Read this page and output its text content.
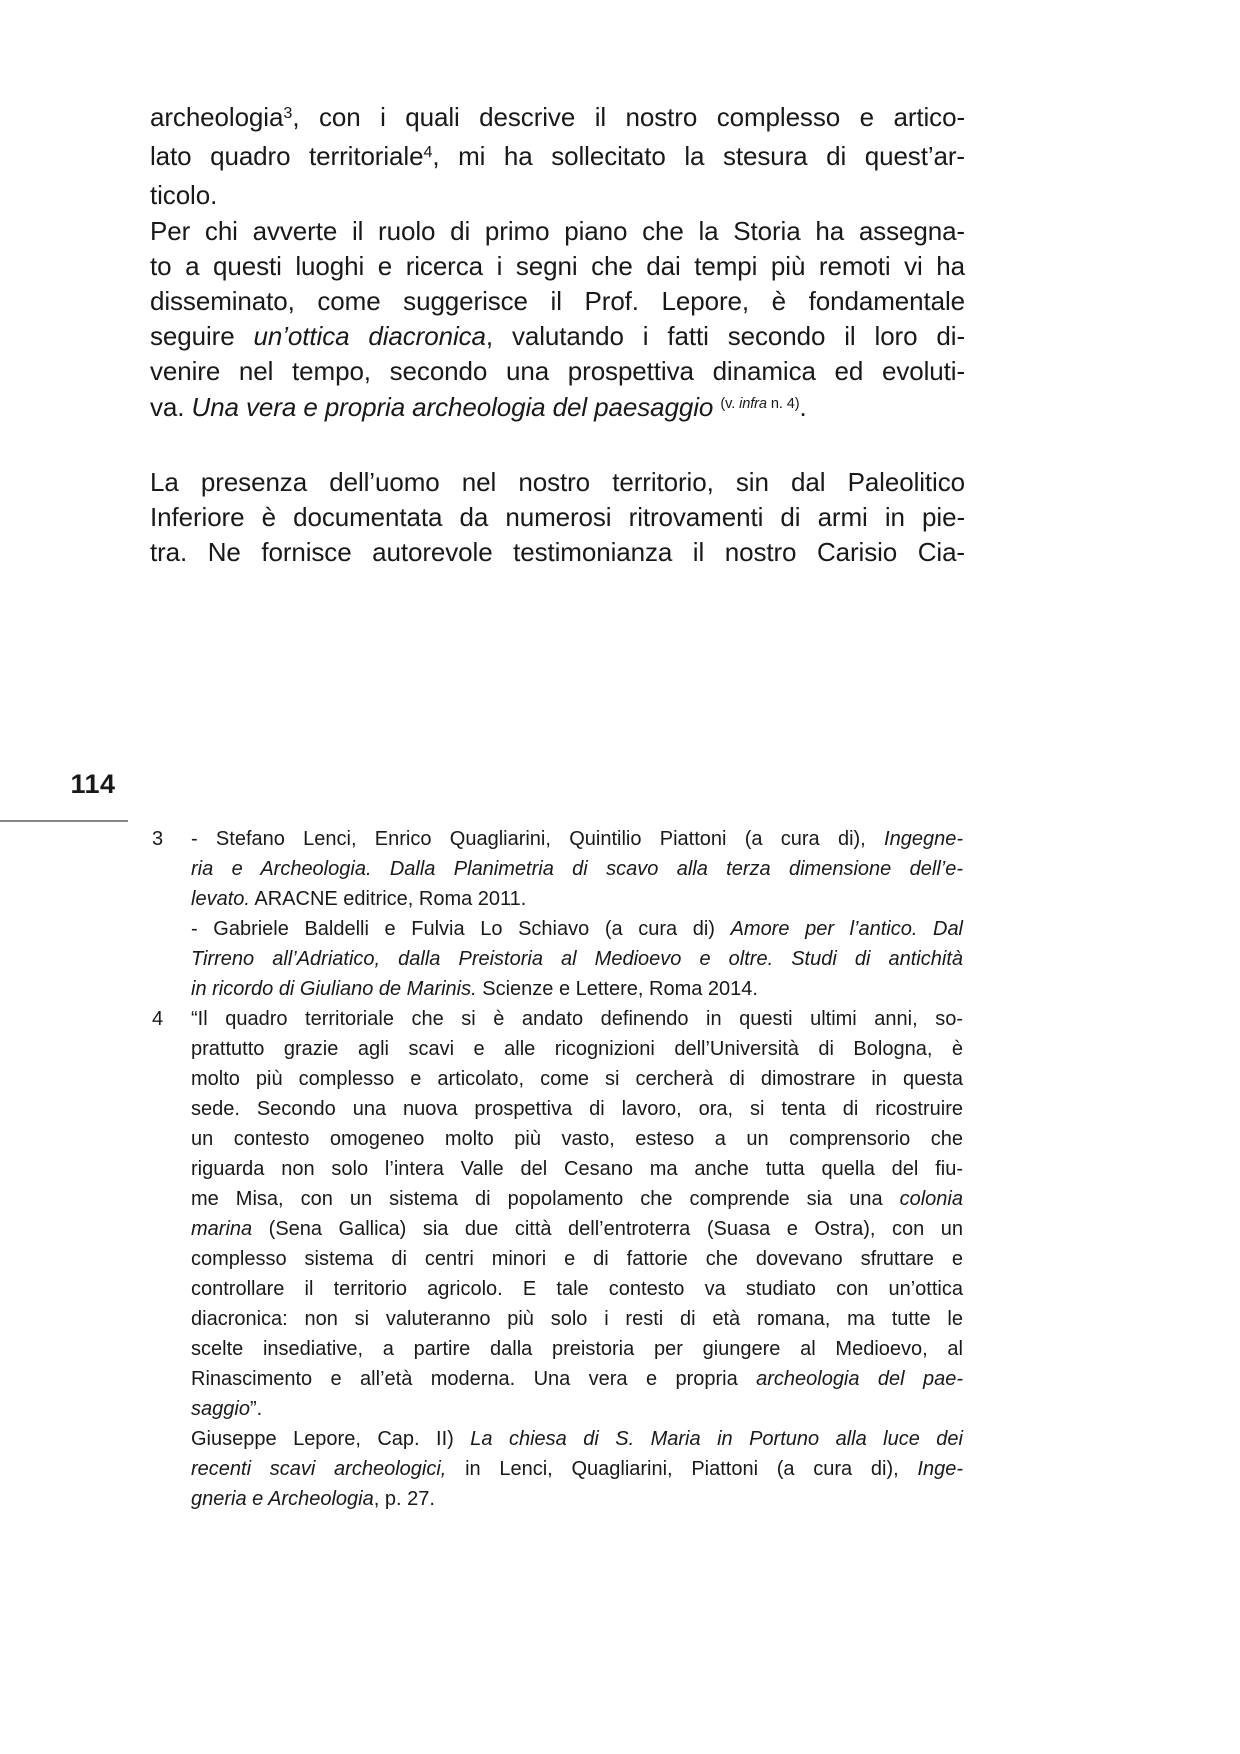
archeologia$^3$, con i quali descrive il nostro complesso e artico-
lato quadro territoriale$^4$, mi ha sollecitato la stesura di quest’ar-
ticolo.
Per chi avverte il ruolo di primo piano che la Storia ha assegna-
to a questi luoghi e ricerca i segni che dai tempi più remoti vi ha
disseminato, come suggerisce il Prof. Lepore, è fondamentale
seguire un’ottica diacronica, valutando i fatti secondo il loro di-
venire nel tempo, secondo una prospettiva dinamica ed evoluti-
va. Una vera e propria archeologia del paesaggio $^{(v.}$ $^{infra}$ $^{n. 4)}$.
La presenza dell’uomo nel nostro territorio, sin dal Paleolitico
Inferiore è documentata da numerosi ritrovamenti di armi in pie-
tra. Ne fornisce autorevole testimonianza il nostro Carisio Cia-
114
3	- Stefano Lenci, Enrico Quagliarini, Quintilio Piattoni (a cura di), Ingegne-
ria e Archeologia. Dalla Planimetria di scavo alla terza dimensione dell’e-
levato. ARACNE editrice, Roma 2011.
- Gabriele Baldelli e Fulvia Lo Schiavo (a cura di) Amore per l’antico. Dal
Tirreno all’Adriatico, dalla Preistoria al Medioevo e oltre. Studi di antichità
in ricordo di Giuliano de Marinis. Scienze e Lettere, Roma 2014.
4	“Il quadro territoriale che si è andato definendo in questi ultimi anni, so-
prattutto grazie agli scavi e alle ricognizioni dell’Università di Bologna, è
molto più complesso e articolato, come si cercherà di dimostrare in questa
sede. Secondo una nuova prospettiva di lavoro, ora, si tenta di ricostruire
un contesto omogeneo molto più vasto, esteso a un comprensorio che
riguarda non solo l’intera Valle del Cesano ma anche tutta quella del fiu-
me Misa, con un sistema di popolamento che comprende sia una colonia
marina (Sena Gallica) sia due città dell’entroterra (Suasa e Ostra), con un
complesso sistema di centri minori e di fattorie che dovevano sfruttare e
controllare il territorio agricolo. E tale contesto va studiato con un’ottica
diacronica: non si valuteranno più solo i resti di età romana, ma tutte le
scelte insediative, a partire dalla preistoria per giungere al Medioevo, al
Rinascimento e all’età moderna. Una vera e propria archeologia del pae-
saggio”.
Giuseppe Lepore, Cap. II) La chiesa di S. Maria in Portuno alla luce dei
recenti scavi archeologici, in Lenci, Quagliarini, Piattoni (a cura di), Inge-
gneria e Archeologia, p. 27.
